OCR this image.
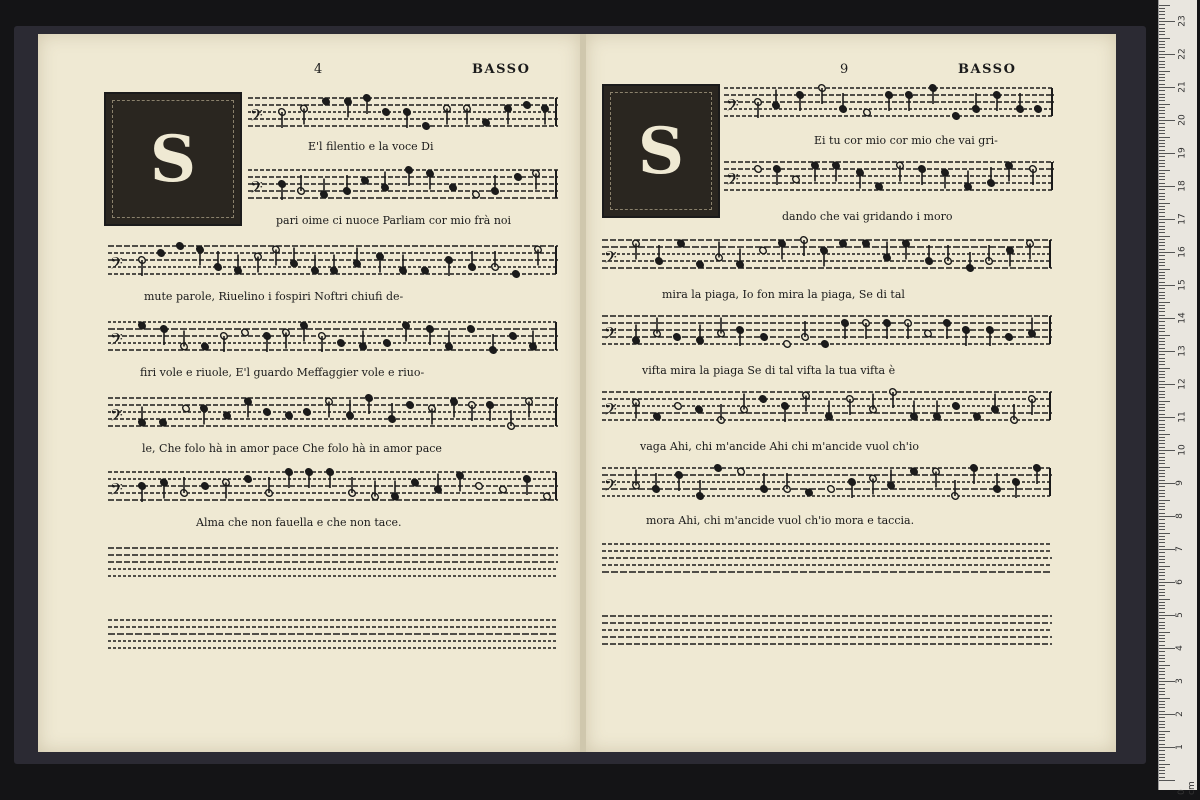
4	BASSO
S
𝄢
E'l filentio e la voce Di
𝄢
pari oime ci nuoce Parliam cor mio frà noi
𝄢
mute parole, Riuelino i fospiri Noftri chiufi de-
𝄢
firi vole e riuole, E'l guardo Meffaggier vole e riuo-
𝄢
le, Che folo hà in amor pace Che folo hà in amor pace
𝄢
Alma che non fauella e che non tace.
9	BASSO
S
𝄢
Ei tu cor mio cor mio che vai gri-
𝄢
dando che vai gridando i moro
𝄢
mira la piaga, Io fon mira la piaga, Se di tal
𝄢
vifta mira la piaga Se di tal vifta la tua vifta è
𝄢
vaga Ahi, chi m'ancide Ahi chi m'ancide vuol ch'io
𝄢
mora Ahi, chi m'ancide vuol ch'io mora e taccia.
23
22
21
20
19
18
17
16
15
14
13
12
11
10
9
8
7
6
5
4
3
2
1
0 cm
